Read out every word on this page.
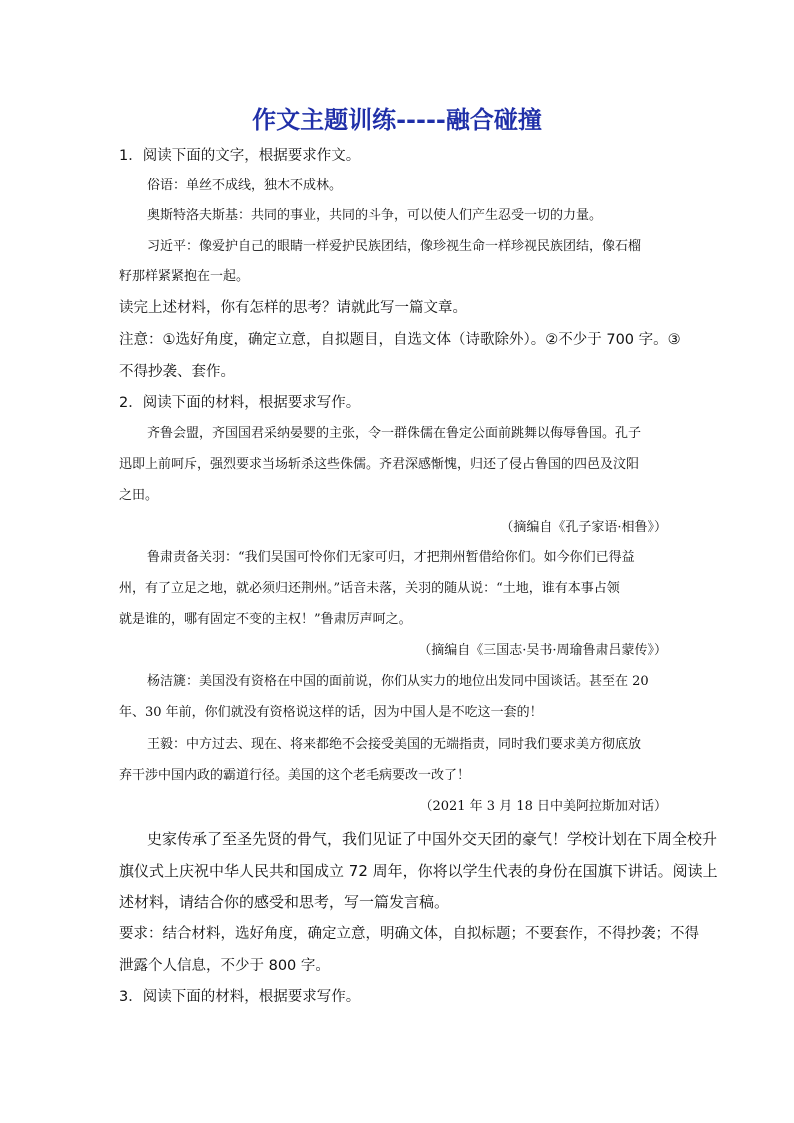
作文主题训练-----融合碰撞
1．阅读下面的文字，根据要求作文。
俗语：单丝不成线，独木不成林。
奥斯特洛夫斯基：共同的事业，共同的斗争，可以使人们产生忍受一切的力量。
习近平：像爱护自己的眼睛一样爱护民族团结，像珍视生命一样珍视民族团结，像石榴
籽那样紧紧抱在一起。
读完上述材料，你有怎样的思考？请就此写一篇文章。
注意：①选好角度，确定立意，自拟题目，自选文体（诗歌除外）。②不少于 700 字。③
不得抄袭、套作。
2．阅读下面的材料，根据要求写作。
齐鲁会盟，齐国国君采纳晏婴的主张，令一群侏儒在鲁定公面前跳舞以侮辱鲁国。孔子
迅即上前呵斥，强烈要求当场斩杀这些侏儒。齐君深感惭愧，归还了侵占鲁国的四邑及汶阳
之田。
（摘编自《孔子家语·相鲁》）
鲁肃责备关羽：“我们吴国可怜你们无家可归，才把荆州暂借给你们。如今你们已得益
州，有了立足之地，就必须归还荆州。”话音未落，关羽的随从说：“土地，谁有本事占领
就是谁的，哪有固定不变的主权！”鲁肃厉声呵之。
（摘编自《三国志·吴书·周瑜鲁肃吕蒙传》）
杨洁篪：美国没有资格在中国的面前说，你们从实力的地位出发同中国谈话。甚至在 20
年、30 年前，你们就没有资格说这样的话，因为中国人是不吃这一套的！
王毅：中方过去、现在、将来都绝不会接受美国的无端指责，同时我们要求美方彻底放
弃干涉中国内政的霸道行径。美国的这个老毛病要改一改了！
（2021 年 3 月 18 日中美阿拉斯加对话）
史家传承了至圣先贤的骨气，我们见证了中国外交天团的豪气！学校计划在下周全校升
旗仪式上庆祝中华人民共和国成立 72 周年，你将以学生代表的身份在国旗下讲话。阅读上
述材料，请结合你的感受和思考，写一篇发言稿。
要求：结合材料，选好角度，确定立意，明确文体，自拟标题；不要套作，不得抄袭；不得
泄露个人信息，不少于 800 字。
3．阅读下面的材料，根据要求写作。
